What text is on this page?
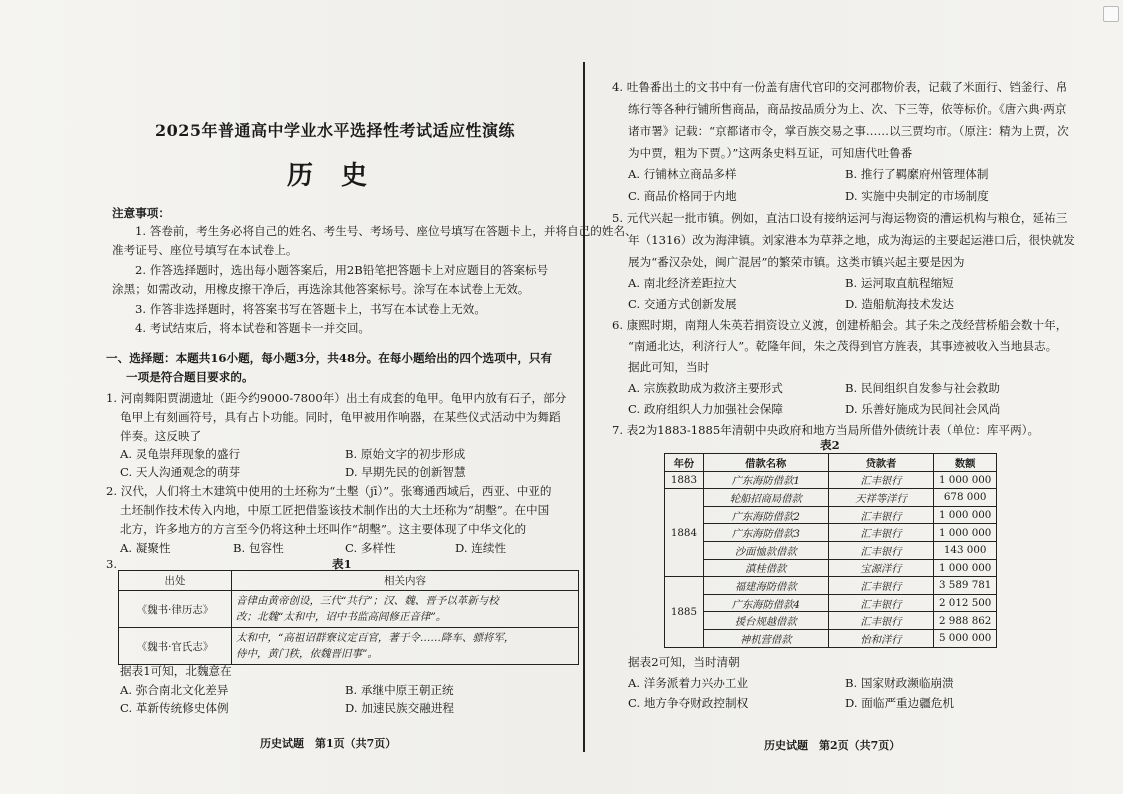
2025年普通高中学业水平选择性考试适应性演练
历史
注意事项：
1. 答卷前，考生务必将自己的姓名、考生号、考场号、座位号填写在答题卡上，并将自己的姓名、
准考证号、座位号填写在本试卷上。
2. 作答选择题时，选出每小题答案后，用2B铅笔把答题卡上对应题目的答案标号
涂黑；如需改动，用橡皮擦干净后，再选涂其他答案标号。涂写在本试卷上无效。
3. 作答非选择题时，将答案书写在答题卡上，书写在本试卷上无效。
4. 考试结束后，将本试卷和答题卡一并交回。
一、选择题：本题共16小题，每小题3分，共48分。在每小题给出的四个选项中，只有
一项是符合题目要求的。
1. 河南舞阳贾湖遗址（距今约9000-7800年）出土有成套的龟甲。龟甲内放有石子，部分
龟甲上有刻画符号，具有占卜功能。同时，龟甲被用作响器，在某些仪式活动中为舞蹈
伴奏。这反映了
A. 灵龟崇拜现象的盛行	B. 原始文字的初步形成
C. 天人沟通观念的萌芽	D. 早期先民的创新智慧
2. 汉代，人们将土木建筑中使用的土坯称为“土墼（jī）”。张骞通西域后，西亚、中亚的
土坯制作技术传入内地，中原工匠把借鉴该技术制作出的大土坯称为“胡墼”。在中国
北方，许多地方的方言至今仍将这种土坯叫作“胡墼”。这主要体现了中华文化的
A. 凝聚性	B. 包容性	C. 多样性	D. 连续性
3.	表1
出处	相关内容
《魏书·律历志》	音律由黄帝创设，三代“共行”；汉、魏、晋予以革新与校
改；北魏“太和中，诏中书监高闾修正音律”。

《魏书·官氏志》	太和中，“高祖诏群寮议定百官，著于令……降车、骠将军，
侍中，黄门秩，依魏晋旧事”。
据表1可知，北魏意在
A. 弥合南北文化差异	B. 承继中原王朝正统
C. 革新传统修史体例	D. 加速民族交融进程
历史试题　第1页（共7页）
4. 吐鲁番出土的文书中有一份盖有唐代官印的交河郡物价表，记载了米面行、铛釜行、帛
练行等各种行铺所售商品，商品按品质分为上、次、下三等，依等标价。《唐六典·两京
诸市署》记载：“京都诸市令，掌百族交易之事……以三贾均市。（原注：精为上贾，次
为中贾，粗为下贾。）”这两条史料互证，可知唐代吐鲁番
A. 行铺林立商品多样	B. 推行了羁縻府州管理体制
C. 商品价格同于内地	D. 实施中央制定的市场制度
5. 元代兴起一批市镇。例如，直沽口设有接纳运河与海运物资的漕运机构与粮仓，延祐三
年（1316）改为海津镇。刘家港本为草莽之地，成为海运的主要起运港口后，很快就发
展为“番汉杂处，闽广混居”的繁荣市镇。这类市镇兴起主要是因为
A. 南北经济差距拉大	B. 运河取直航程缩短
C. 交通方式创新发展	D. 造船航海技术发达
6. 康熙时期，南翔人朱英若捐资设立义渡，创建桥船会。其子朱之茂经营桥船会数十年，
“南通北达，利济行人”。乾隆年间，朱之茂得到官方旌表，其事迹被收入当地县志。
据此可知，当时
A. 宗族救助成为救济主要形式	B. 民间组织自发参与社会救助
C. 政府组织人力加强社会保障	D. 乐善好施成为民间社会风尚
7. 表2为1883-1885年清朝中央政府和地方当局所借外债统计表（单位：库平两）。
表2
年份	借款名称	贷款者	数额
1883	广东海防借款1	汇丰银行	1 000 000
1884	轮船招商局借款	天祥等洋行	678 000
	广东海防借款2	汇丰银行	1 000 000
	广东海防借款3	汇丰银行	1 000 000
	沙面恤款借款	汇丰银行	143 000
	滇桂借款	宝源洋行	1 000 000
1885	福建海防借款	汇丰银行	3 589 781
	广东海防借款4	汇丰银行	2 012 500
	援台规越借款	汇丰银行	2 988 862
	神机营借款	怡和洋行	5 000 000
据表2可知，当时清朝
A. 洋务派着力兴办工业	B. 国家财政濒临崩溃
C. 地方争夺财政控制权	D. 面临严重边疆危机
历史试题　第2页（共7页）
